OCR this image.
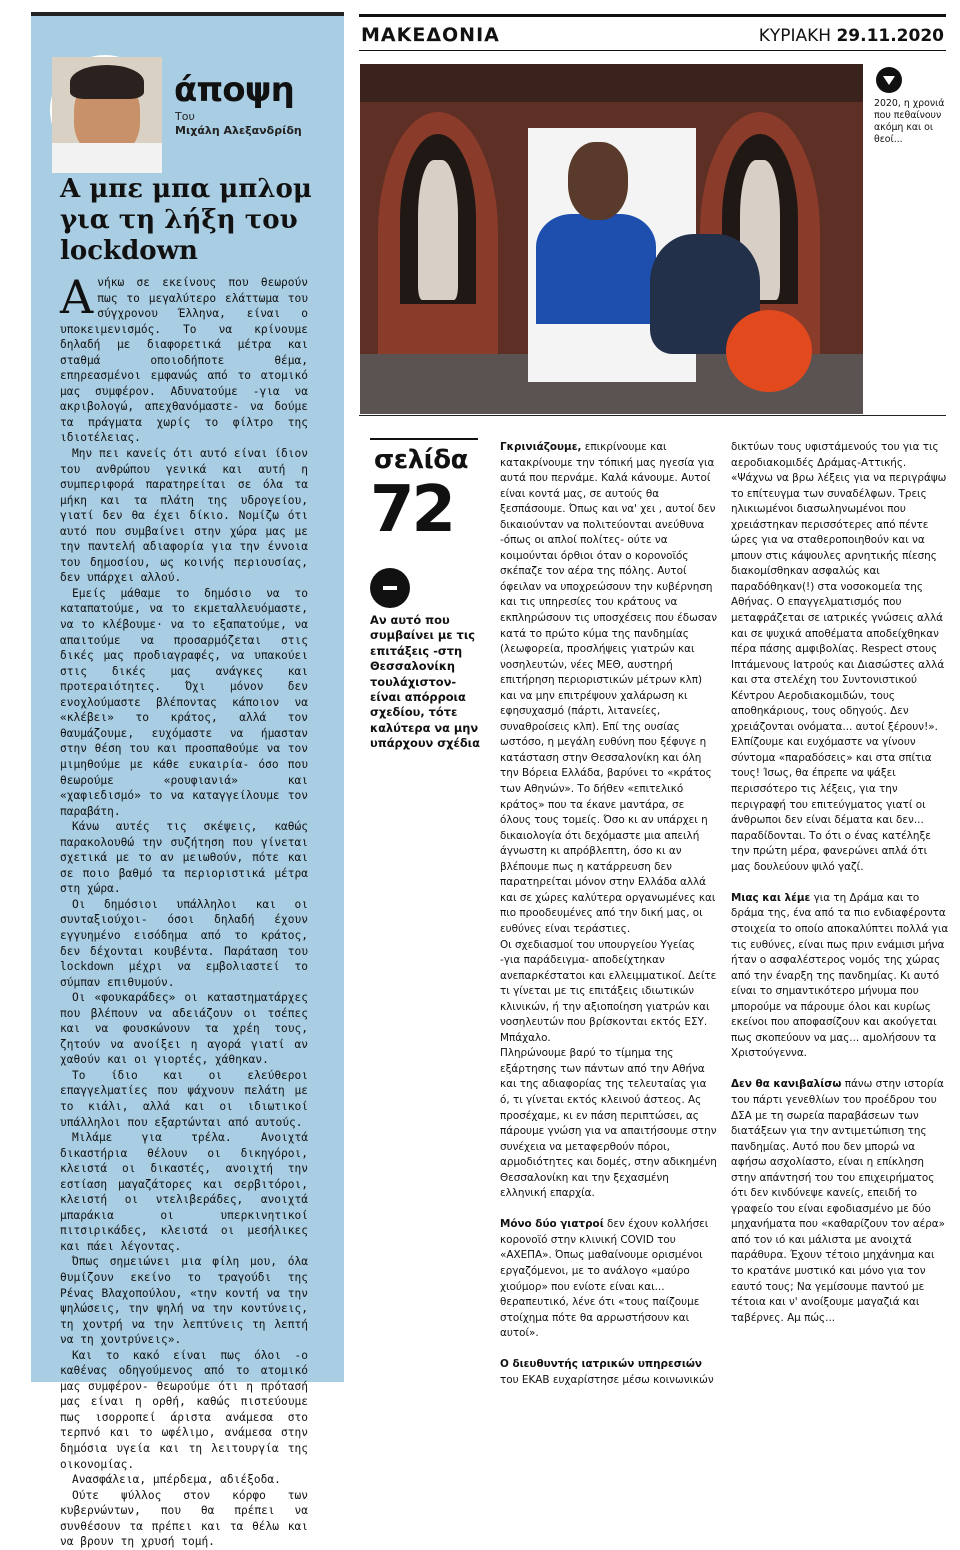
άποψη
Του
Μιχάλη Αλεξανδρίδη
Α μπε μπα μπλομ για τη λήξη του lockdown

Ανήκω σε εκείνους που θεωρούν πως το μεγαλύτερο ελάττωμα του σύγχρονου Έλληνα, είναι ο υποκειμενισμός. Το να κρίνουμε δηλαδή με διαφορετικά μέτρα και σταθμά οποιοδήποτε θέμα, επηρεασμένοι εμφανώς από το ατομικό μας συμφέρον. Αδυνατούμε -για να ακριβολογώ, απεχθανόμαστε- να δούμε τα πράγματα χωρίς το φίλτρο της ιδιοτέλειας.

Μην πει κανείς ότι αυτό είναι ίδιον του ανθρώπου γενικά και αυτή η συμπεριφορά παρατηρείται σε όλα τα μήκη και τα πλάτη της υδρογείου, γιατί δεν θα έχει δίκιο. Νομίζω ότι αυτό που συμβαίνει στην χώρα μας με την παντελή αδιαφορία για την έννοια του δημοσίου, ως κοινής περιουσίας, δεν υπάρχει αλλού.

Εμείς μάθαμε το δημόσιο να το καταπατούμε, να το εκμεταλλευόμαστε, να το κλέβουμε· να το εξαπατούμε, να απαιτούμε να προσαρμόζεται στις δικές μας προδιαγραφές, να υπακούει στις δικές μας ανάγκες και προτεραιότητες. Όχι μόνον δεν ενοχλούμαστε βλέποντας κάποιον να «κλέβει» το κράτος, αλλά τον θαυμάζουμε, ευχόμαστε να ήμασταν στην θέση του και προσπαθούμε να τον μιμηθούμε με κάθε ευκαιρία- όσο που θεωρούμε «ρουφιανιά» και «χαφιεδισμό» το να καταγγείλουμε τον παραβάτη.

Κάνω αυτές τις σκέψεις, καθώς παρακολουθώ την συζήτηση που γίνεται σχετικά με το αν μειωθούν, πότε και σε ποιο βαθμό τα περιοριστικά μέτρα στη χώρα.

Οι δημόσιοι υπάλληλοι και οι συνταξιούχοι- όσοι δηλαδή έχουν εγγυημένο εισόδημα από το κράτος, δεν δέχονται κουβέντα. Παράταση του lockdown μέχρι να εμβολιαστεί το σύμπαν επιθυμούν.

Οι «φουκαράδες» οι καταστηματάρχες που βλέπουν να αδειάζουν οι τσέπες και να φουσκώνουν τα χρέη τους, ζητούν να ανοίξει η αγορά γιατί αν χαθούν και οι γιορτές, χάθηκαν.

Το ίδιο και οι ελεύθεροι επαγγελματίες που ψάχνουν πελάτη με το κιάλι, αλλά και οι ιδιωτικοί υπάλληλοι που εξαρτώνται από αυτούς.

Μιλάμε για τρέλα. Ανοιχτά δικαστήρια θέλουν οι δικηγόροι, κλειστά οι δικαστές, ανοιχτή την εστίαση μαγαζάτορες και σερβιτόροι, κλειστή οι ντελιβεράδες, ανοιχτά μπαράκια οι υπερκινητικοί πιτσιρικάδες, κλειστά οι μεσήλικες και πάει λέγοντας.

Όπως σημειώνει μια φίλη μου, όλα θυμίζουν εκείνο το τραγούδι της Ρένας Βλαχοπούλου, «την κοντή να την ψηλώσεις, την ψηλή να την κοντύνεις, τη χοντρή να την λεπτύνεις τη λεπτή να τη χοντρύνεις».

Και το κακό είναι πως όλοι -ο καθένας οδηγούμενος από το ατομικό μας συμφέρον- θεωρούμε ότι η πρότασή μας είναι η ορθή, καθώς πιστεύουμε πως ισορροπεί άριστα ανάμεσα στο τερπνό και το ωφέλιμο, ανάμεσα στην δημόσια υγεία και τη λειτουργία της οικονομίας.

Ανασφάλεια, μπέρδεμα, αδιέξοδα.

Ούτε ψύλλος στον κόρφο των κυβερνώντων, που θα πρέπει να συνθέσουν τα πρέπει και τα θέλω και να βρουν τη χρυσή τομή.

ΜΑΚΕΔΟΝΙΑ	ΚΥΡΙΑΚΗ 29.11.2020
2020, η χρονιά που πεθαίνουν ακόμη και οι θεοί...
σελίδα
72
Αν αυτό που συμβαίνει με τις επιτάξεις -στη Θεσσαλονίκη τουλάχιστον- είναι απόρροια σχεδίου, τότε καλύτερα να μην υπάρχουν σχέδια

Γκρινιάζουμε, επικρίνουμε και κατακρίνουμε την τόπική μας ηγεσία για αυτά που περνάμε. Καλά κάνουμε. Αυτοί είναι κοντά μας, σε αυτούς θα ξεσπάσουμε. Όπως και να' χει , αυτοί δεν δικαιούνταν να πολιτεύονται ανεύθυνα -όπως οι απλοί πολίτες- ούτε να κοιμούνται όρθιοι όταν ο κορονοϊός σκέπαζε τον αέρα της πόλης. Αυτοί όφειλαν να υποχρεώσουν την κυβέρνηση και τις υπηρεσίες του κράτους να εκπληρώσουν τις υποσχέσεις που έδωσαν κατά το πρώτο κύμα της πανδημίας (λεωφορεία, προσλήψεις γιατρών και νοσηλευτών, νέες ΜΕΘ, αυστηρή επιτήρηση περιοριστικών μέτρων κλπ) και να μην επιτρέψουν χαλάρωση κι εφησυχασμό (πάρτι, λιτανείες, συναθροίσεις κλπ). Επί της ουσίας ωστόσο, η μεγάλη ευθύνη που ξέφυγε η κατάσταση στην Θεσσαλονίκη και όλη την Βόρεια Ελλάδα, βαρύνει το «κράτος των Αθηνών». Το δήθεν «επιτελικό κράτος» που τα έκανε μαντάρα, σε όλους τους τομείς. Όσο κι αν υπάρχει η δικαιολογία ότι δεχόμαστε μια απειλή άγνωστη κι απρόβλεπτη, όσο κι αν βλέπουμε πως η κατάρρευση δεν παρατηρείται μόνον στην Ελλάδα αλλά και σε χώρες καλύτερα οργανωμένες και πιο προοδευμένες από την δική μας, οι ευθύνες είναι τεράστιες.

Οι σχεδιασμοί του υπουργείου Υγείας -για παράδειγμα- αποδείχτηκαν ανεπαρκέστατοι και ελλειμματικοί. Δείτε τι γίνεται με τις επιτάξεις ιδιωτικών κλινικών, ή την αξιοποίηση γιατρών και νοσηλευτών που βρίσκονται εκτός ΕΣΥ. Μπάχαλο.

Πληρώνουμε βαρύ το τίμημα της εξάρτησης των πάντων από την Αθήνα και της αδιαφορίας της τελευταίας για ό, τι γίνεται εκτός κλεινού άστεος. Ας προσέχαμε, κι εν πάση περιπτώσει, ας πάρουμε γνώση για να απαιτήσουμε στην συνέχεια να μεταφερθούν πόροι, αρμοδιότητες και δομές, στην αδικημένη Θεσσαλονίκη και την ξεχασμένη ελληνική επαρχία.

Μόνο δύο γιατροί δεν έχουν κολλήσει κορονοϊό στην κλινική COVID του «ΑΧΕΠΑ». Όπως μαθαίνουμε ορισμένοι εργαζόμενοι, με το ανάλογο «μαύρο χιούμορ» που ενίοτε είναι και... θεραπευτικό, λένε ότι «τους παίζουμε στοίχημα πότε θα αρρωστήσουν και αυτοί».

Ο διευθυντής ιατρικών υπηρεσιών του ΕΚΑΒ ευχαρίστησε μέσω κοινωνικών

δικτύων τους υφιστάμενούς του για τις αεροδιακομιδές Δράμας-Αττικής. «Ψάχνω να βρω λέξεις για να περιγράψω το επίτευγμα των συναδέλφων. Τρεις ηλικιωμένοι διασωληνωμένοι που χρειάστηκαν περισσότερες από πέντε ώρες για να σταθεροποιηθούν και να μπουν στις κάψουλες αρνητικής πίεσης διακομίσθηκαν ασφαλώς και παραδόθηκαν(!) στα νοσοκομεία της Αθήνας. Ο επαγγελματισμός που μεταφράζεται σε ιατρικές γνώσεις αλλά και σε ψυχικά αποθέματα αποδείχθηκαν πέρα πάσης αμφιβολίας. Respect στους Ιπτάμενους Ιατρούς και Διασώστες αλλά και στα στελέχη του Συντονιστικού Κέντρου Αεροδιακομιδών, τους αποθηκάριους, τους οδηγούς. Δεν χρειάζονται ονόματα... αυτοί ξέρουν!». Ελπίζουμε και ευχόμαστε να γίνουν σύντομα «παραδόσεις» και στα σπίτια τους! Ίσως, θα έπρεπε να ψάξει περισσότερο τις λέξεις, για την περιγραφή του επιτεύγματος γιατί οι άνθρωποι δεν είναι δέματα και δεν... παραδίδονται. Το ότι ο ένας κατέληξε την πρώτη μέρα, φανερώνει απλά ότι μας δουλεύουν ψιλό γαζί.

Μιας και λέμε για τη Δράμα και το δράμα της, ένα από τα πιο ενδιαφέροντα στοιχεία το οποίο αποκαλύπτει πολλά για τις ευθύνες, είναι πως πριν ενάμισι μήνα ήταν ο ασφαλέστερος νομός της χώρας από την έναρξη της πανδημίας. Κι αυτό είναι το σημαντικότερο μήνυμα που μπορούμε να πάρουμε όλοι και κυρίως εκείνοι που αποφασίζουν και ακούγεται πως σκοπεύουν να μας... αμολήσουν τα Χριστούγεννα.

Δεν θα κανιβαλίσω πάνω στην ιστορία του πάρτι γενεθλίων του προέδρου του ΔΣΑ με τη σωρεία παραβάσεων των διατάξεων για την αντιμετώπιση της πανδημίας. Αυτό που δεν μπορώ να αφήσω ασχολίαστο, είναι η επίκληση στην απάντησή του του επιχειρήματος ότι δεν κινδύνεψε κανείς, επειδή το γραφείο του είναι εφοδιασμένο με δύο μηχανήματα που «καθαρίζουν τον αέρα» από τον ιό και μάλιστα με ανοιχτά παράθυρα. Έχουν τέτοιο μηχάνημα και το κρατάνε μυστικό και μόνο για τον εαυτό τους; Να γεμίσουμε παντού με τέτοια και ν' ανοίξουμε μαγαζιά και ταβέρνες. Αμ πώς...
